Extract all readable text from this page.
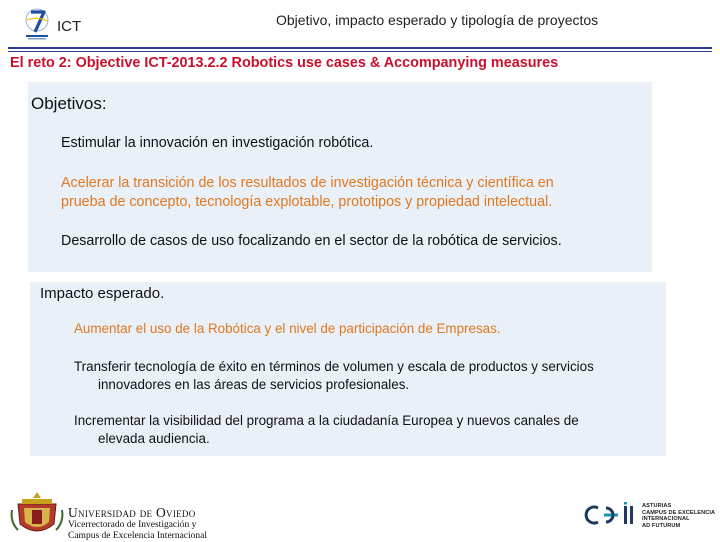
ICT	Objetivo, impacto esperado y tipología de proyectos
El reto 2: Objective ICT-2013.2.2 Robotics use cases & Accompanying measures
Objetivos:
Estimular la innovación en investigación robótica.
Acelerar la transición de los resultados de investigación técnica y científica en
prueba de concepto, tecnología explotable, prototipos y propiedad intelectual.
Desarrollo de casos de uso focalizando en el sector de la robótica de servicios.
Impacto esperado.
Aumentar el uso de la Robótica y el nivel de participación de Empresas.
Transferir tecnología de éxito en términos de volumen y escala de productos y servicios
innovadores en las áreas de servicios profesionales.
Incrementar la visibilidad del programa a la ciudadanía Europea y nuevos canales de
elevada audiencia.
Universidad de Oviedo
Vicerrectorado de Investigación y
Campus de Excelencia Internacional
ASTURIAS
CAMPUS DE EXCELENCIA
INTERNACIONAL
AD FUTURUM
